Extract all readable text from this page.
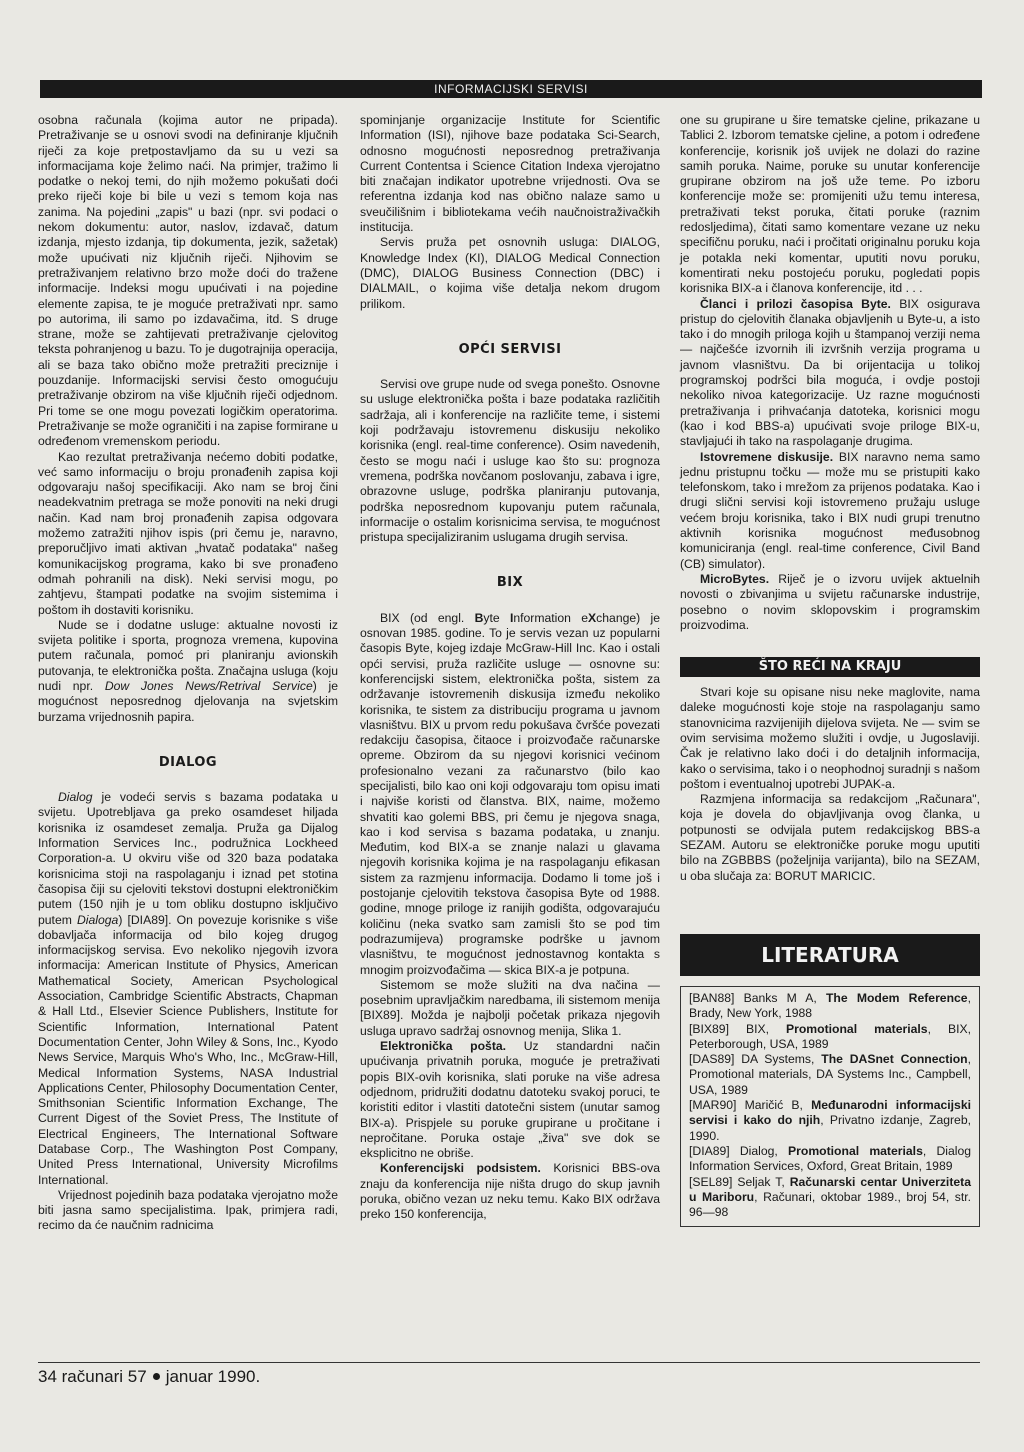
INFORMACIJSKI SERVISI

osobna računala (kojima autor ne pripada). Pretraživanje se u osnovi svodi na definiranje ključnih riječi za koje pretpostavljamo da su u vezi sa informacijama koje želimo naći. Na primjer, tražimo li podatke o nekoj temi, do njih možemo pokušati doći preko riječi koje bi bile u vezi s temom koja nas zanima. Na pojedini „zapis" u bazi (npr. svi podaci o nekom dokumentu: autor, naslov, izdavač, datum izdanja, mjesto izdanja, tip dokumenta, jezik, sažetak) može upućivati niz ključnih riječi. Njihovim se pretraživanjem relativno brzo može doći do tražene informacije. Indeksi mogu upućivati i na pojedine elemente zapisa, te je moguće pretraživati npr. samo po autorima, ili samo po izdavačima, itd. S druge strane, može se zahtijevati pretraživanje cjelovitog teksta pohranjenog u bazu. To je dugotrajnija operacija, ali se baza tako obično može pretražiti preciznije i pouzdanije. Informacijski servisi često omogućuju pretraživanje obzirom na više ključnih riječi odjednom. Pri tome se one mogu povezati logičkim operatorima. Pretraživanje se može ograničiti i na zapise formirane u određenom vremenskom periodu.

Kao rezultat pretraživanja nećemo dobiti podatke, već samo informaciju o broju pronađenih zapisa koji odgovaraju našoj specifikaciji. Ako nam se broj čini neadekvatnim pretraga se može ponoviti na neki drugi način. Kad nam broj pronađenih zapisa odgovara možemo zatražiti njihov ispis (pri čemu je, naravno, preporučljivo imati aktivan „hvatač podataka" našeg komunikacijskog programa, kako bi sve pronađeno odmah pohranili na disk). Neki servisi mogu, po zahtjevu, štampati podatke na svojim sistemima i poštom ih dostaviti korisniku.

Nude se i dodatne usluge: aktualne novosti iz svijeta politike i sporta, prognoza vremena, kupovina putem računala, pomoć pri planiranju avionskih putovanja, te elektronička pošta. Značajna usluga (koju nudi npr. Dow Jones News/Retrival Service) je mogućnost neposrednog djelovanja na svjetskim burzama vrijednosnih papira.

DIALOG

Dialog je vodeći servis s bazama podataka u svijetu. Upotrebljava ga preko osamdeset hiljada korisnika iz osamdeset zemalja. Pruža ga Dijalog Information Services Inc., podružnica Lockheed Corporation-a. U okviru više od 320 baza podataka korisnicima stoji na raspolaganju i iznad pet stotina časopisa čiji su cjeloviti tekstovi dostupni elektroničkim putem (150 njih je u tom obliku dostupno isključivo putem Dialoga) [DIA89]. On povezuje korisnike s više dobavljača informacija od bilo kojeg drugog informacijskog servisa. Evo nekoliko njegovih izvora informacija: American Institute of Physics, American Mathematical Society, American Psychological Association, Cambridge Scientific Abstracts, Chapman & Hall Ltd., Elsevier Science Publishers, Institute for Scientific Information, International Patent Documentation Center, John Wiley & Sons, Inc., Kyodo News Service, Marquis Who's Who, Inc., McGraw-Hill, Medical Information Systems, NASA Industrial Applications Center, Philosophy Documentation Center, Smithsonian Scientific Information Exchange, The Current Digest of the Soviet Press, The Institute of Electrical Engineers, The International Software Database Corp., The Washington Post Company, United Press International, University Microfilms International.

Vrijednost pojedinih baza podataka vjerojatno može biti jasna samo specijalistima. Ipak, primjera radi, recimo da će naučnim radnicima

spominjanje organizacije Institute for Scientific Information (ISI), njihove baze podataka Sci-Search, odnosno mogućnosti neposrednog pretraživanja Current Contentsa i Science Citation Indexa vjerojatno biti značajan indikator upotrebne vrijednosti. Ova se referentna izdanja kod nas obično nalaze samo u sveučilišnim i bibliotekama većih naučnoistraživačkih institucija.

Servis pruža pet osnovnih usluga: DIALOG, Knowledge Index (KI), DIALOG Medical Connection (DMC), DIALOG Business Connection (DBC) i DIALMAIL, o kojima više detalja nekom drugom prilikom.

OPĆI SERVISI

Servisi ove grupe nude od svega ponešto. Osnovne su usluge elektronička pošta i baze podataka različitih sadržaja, ali i konferencije na različite teme, i sistemi koji podržavaju istovremenu diskusiju nekoliko korisnika (engl. real-time conference). Osim navedenih, često se mogu naći i usluge kao što su: prognoza vremena, podrška novčanom poslovanju, zabava i igre, obrazovne usluge, podrška planiranju putovanja, podrška neposrednom kupovanju putem računala, informacije o ostalim korisnicima servisa, te mogućnost pristupa specijaliziranim uslugama drugih servisa.

BIX

BIX (od engl. Byte Information eXchange) je osnovan 1985. godine. To je servis vezan uz popularni časopis Byte, kojeg izdaje McGraw-Hill Inc. Kao i ostali opći servisi, pruža različite usluge — osnovne su: konferencijski sistem, elektronička pošta, sistem za održavanje istovremenih diskusija između nekoliko korisnika, te sistem za distribuciju programa u javnom vlasništvu. BIX u prvom redu pokušava čvršće povezati redakciju časopisa, čitaoce i proizvođače računarske opreme. Obzirom da su njegovi korisnici većinom profesionalno vezani za računarstvo (bilo kao specijalisti, bilo kao oni koji odgovaraju tom opisu imati i najviše koristi od članstva. BIX, naime, možemo shvatiti kao golemi BBS, pri čemu je njegova snaga, kao i kod servisa s bazama podataka, u znanju. Međutim, kod BIX-a se znanje nalazi u glavama njegovih korisnika kojima je na raspolaganju efikasan sistem za razmjenu informacija. Dodamo li tome još i postojanje cjelovitih tekstova časopisa Byte od 1988. godine, mnoge priloge iz ranijih godišta, odgovarajuću količinu (neka svatko sam zamisli što se pod tim podrazumijeva) programske podrške u javnom vlasništvu, te mogućnost jednostavnog kontakta s mnogim proizvođačima — skica BIX-a je potpuna.

Sistemom se može služiti na dva načina — posebnim upravljačkim naredbama, ili sistemom menija [BIX89]. Možda je najbolji početak prikaza njegovih usluga upravo sadržaj osnovnog menija, Slika 1.

Elektronička pošta. Uz standardni način upućivanja privatnih poruka, moguće je pretraživati popis BIX-ovih korisnika, slati poruke na više adresa odjednom, pridružiti dodatnu datoteku svakoj poruci, te koristiti editor i vlastiti datotečni sistem (unutar samog BIX-a). Prispjele su poruke grupirane u pročitane i nepročitane. Poruka ostaje „živa" sve dok se eksplicitno ne obriše.

Konferencijski podsistem. Korisnici BBS-ova znaju da konferencija nije ništa drugo do skup javnih poruka, obično vezan uz neku temu. Kako BIX održava preko 150 konferencija,

one su grupirane u šire tematske cjeline, prikazane u Tablici 2. Izborom tematske cjeline, a potom i određene konferencije, korisnik još uvijek ne dolazi do razine samih poruka. Naime, poruke su unutar konferencije grupirane obzirom na još uže teme. Po izboru konferencije može se: promijeniti užu temu interesa, pretraživati tekst poruka, čitati poruke (raznim redosljedima), čitati samo komentare vezane uz neku specifičnu poruku, naći i pročitati originalnu poruku koja je potakla neki komentar, uputiti novu poruku, komentirati neku postojeću poruku, pogledati popis korisnika BIX-a i članova konferencije, itd . . .

Članci i prilozi časopisa Byte. BIX osigurava pristup do cjelovitih članaka objavljenih u Byte-u, a isto tako i do mnogih priloga kojih u štampanoj verziji nema — najčešće izvornih ili izvršnih verzija programa u javnom vlasništvu. Da bi orijentacija u tolikoj programskoj podršci bila moguća, i ovdje postoji nekoliko nivoa kategorizacije. Uz razne mogućnosti pretraživanja i prihvaćanja datoteka, korisnici mogu (kao i kod BBS-a) upućivati svoje priloge BIX-u, stavljajući ih tako na raspolaganje drugima.

Istovremene diskusije. BIX naravno nema samo jednu pristupnu točku — može mu se pristupiti kako telefonskom, tako i mrežom za prijenos podataka. Kao i drugi slični servisi koji istovremeno pružaju usluge većem broju korisnika, tako i BIX nudi grupi trenutno aktivnih korisnika mogućnost međusobnog komuniciranja (engl. real-time conference, Civil Band (CB) simulator).

MicroBytes. Riječ je o izvoru uvijek aktuelnih novosti o zbivanjima u svijetu računarske industrije, posebno o novim sklopovskim i programskim proizvodima.

ŠTO REĆI NA KRAJU

Stvari koje su opisane nisu neke maglovite, nama daleke mogućnosti koje stoje na raspolaganju samo stanovnicima razvijenijih dijelova svijeta. Ne — svim se ovim servisima možemo služiti i ovdje, u Jugoslaviji. Čak je relativno lako doći i do detaljnih informacija, kako o servisima, tako i o neophodnoj suradnji s našom poštom i eventualnoj upotrebi JUPAK-a.

Razmjena informacija sa redakcijom „Računara", koja je dovela do objavljivanja ovog članka, u potpunosti se odvijala putem redakcijskog BBS-a SEZAM. Autoru se elektroničke poruke mogu uputiti bilo na ZGBBBS (poželjnija varijanta), bilo na SEZAM, u oba slučaja za: BORUT MARICIC.

LITERATURA

[BAN88] Banks M A, The Modem Reference, Brady, New York, 1988

[BIX89] BIX, Promotional materials, BIX, Peterborough, USA, 1989

[DAS89] DA Systems, The DASnet Connection, Promotional materials, DA Systems Inc., Campbell, USA, 1989

[MAR90] Maričić B, Međunarodni informacijski servisi i kako do njih, Privatno izdanje, Zagreb, 1990.

[DIA89] Dialog, Promotional materials, Dialog Information Services, Oxford, Great Britain, 1989

[SEL89] Seljak T, Računarski centar Univerziteta u Mariboru, Računari, oktobar 1989., broj 54, str. 96—98

34 računari 57 januar 1990.
